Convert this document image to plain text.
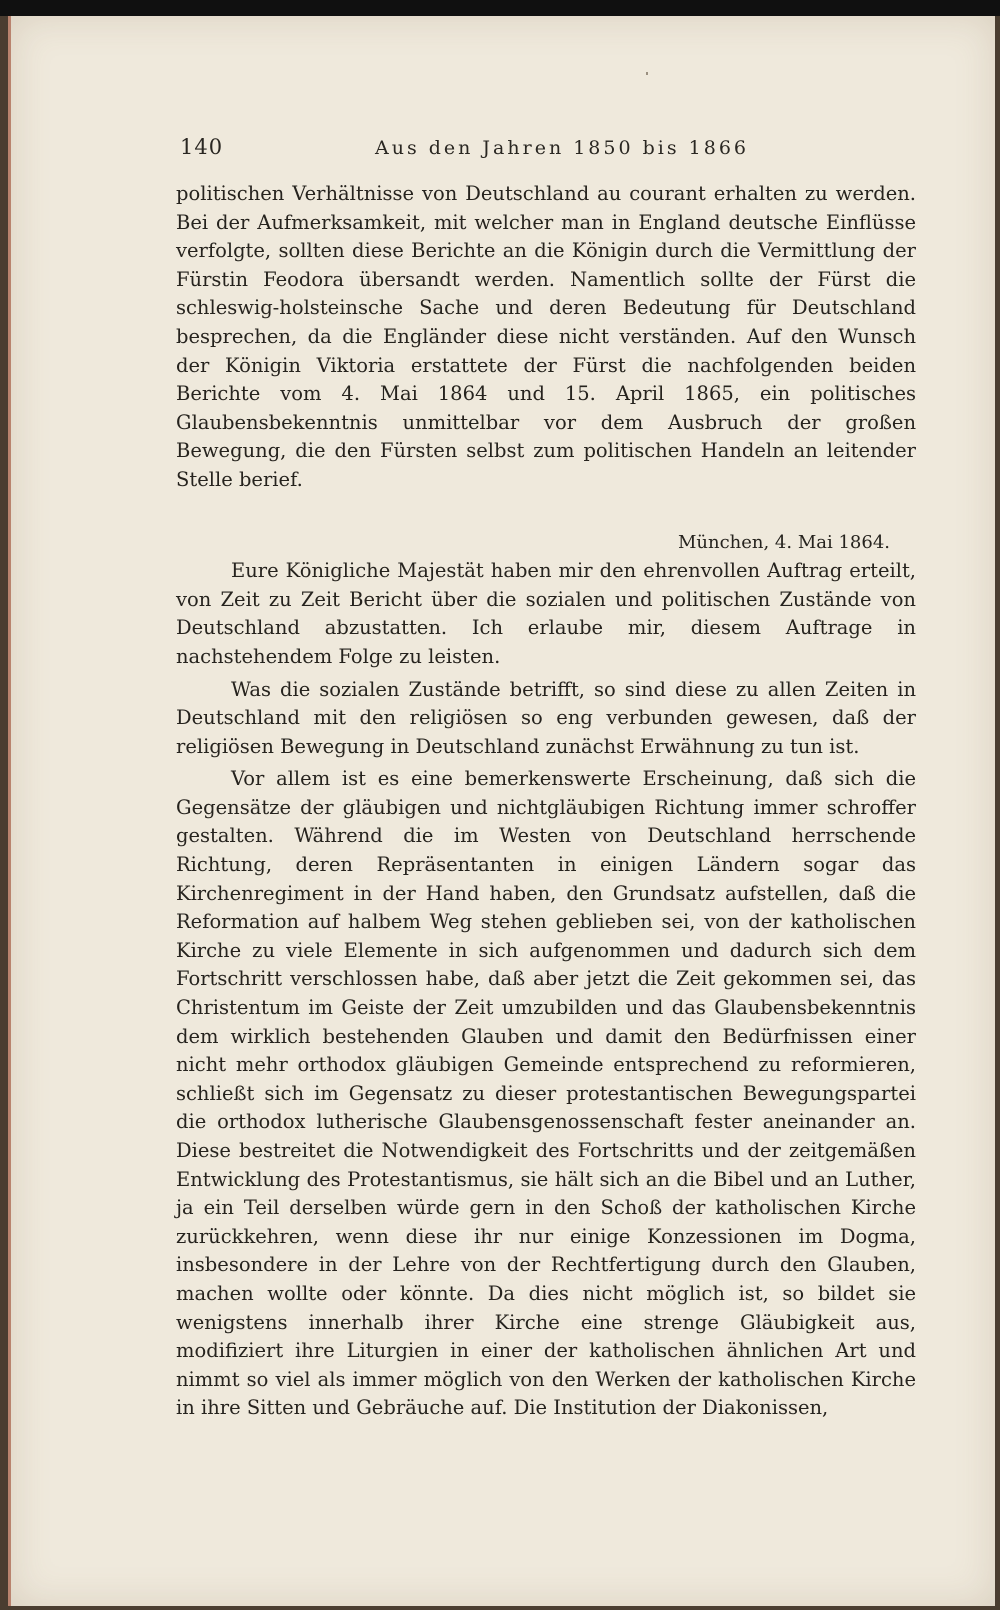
140	Aus den Jahren 1850 bis 1866

politischen Verhältnisse von Deutschland au courant erhalten zu werden. Bei der Aufmerksamkeit, mit welcher man in England deutsche Einflüsse verfolgte, sollten diese Berichte an die Königin durch die Vermittlung der Fürstin Feodora übersandt werden. Namentlich sollte der Fürst die schleswig-holsteinsche Sache und deren Bedeutung für Deutschland besprechen, da die Engländer diese nicht verständen. Auf den Wunsch der Königin Viktoria erstattete der Fürst die nachfolgenden beiden Berichte vom 4. Mai 1864 und 15. April 1865, ein politisches Glaubensbekenntnis unmittelbar vor dem Ausbruch der großen Bewegung, die den Fürsten selbst zum politischen Handeln an leitender Stelle berief.

München, 4. Mai 1864.

Eure Königliche Majestät haben mir den ehrenvollen Auftrag erteilt, von Zeit zu Zeit Bericht über die sozialen und politischen Zustände von Deutschland abzustatten. Ich erlaube mir, diesem Auftrage in nachstehendem Folge zu leisten.

Was die sozialen Zustände betrifft, so sind diese zu allen Zeiten in Deutschland mit den religiösen so eng verbunden gewesen, daß der religiösen Bewegung in Deutschland zunächst Erwähnung zu tun ist.

Vor allem ist es eine bemerkenswerte Erscheinung, daß sich die Gegensätze der gläubigen und nichtgläubigen Richtung immer schroffer gestalten. Während die im Westen von Deutschland herrschende Richtung, deren Repräsentanten in einigen Ländern sogar das Kirchenregiment in der Hand haben, den Grundsatz aufstellen, daß die Reformation auf halbem Weg stehen geblieben sei, von der katholischen Kirche zu viele Elemente in sich aufgenommen und dadurch sich dem Fortschritt verschlossen habe, daß aber jetzt die Zeit gekommen sei, das Christentum im Geiste der Zeit umzubilden und das Glaubensbekenntnis dem wirklich bestehenden Glauben und damit den Bedürfnissen einer nicht mehr orthodox gläubigen Gemeinde entsprechend zu reformieren, schließt sich im Gegensatz zu dieser protestantischen Bewegungspartei die orthodox lutherische Glaubensgenossenschaft fester aneinander an. Diese bestreitet die Notwendigkeit des Fortschritts und der zeitgemäßen Entwicklung des Protestantismus, sie hält sich an die Bibel und an Luther, ja ein Teil derselben würde gern in den Schoß der katholischen Kirche zurückkehren, wenn diese ihr nur einige Konzessionen im Dogma, insbesondere in der Lehre von der Rechtfertigung durch den Glauben, machen wollte oder könnte. Da dies nicht möglich ist, so bildet sie wenigstens innerhalb ihrer Kirche eine strenge Gläubigkeit aus, modifiziert ihre Liturgien in einer der katholischen ähnlichen Art und nimmt so viel als immer möglich von den Werken der katholischen Kirche in ihre Sitten und Gebräuche auf. Die Institution der Diakonissen,
